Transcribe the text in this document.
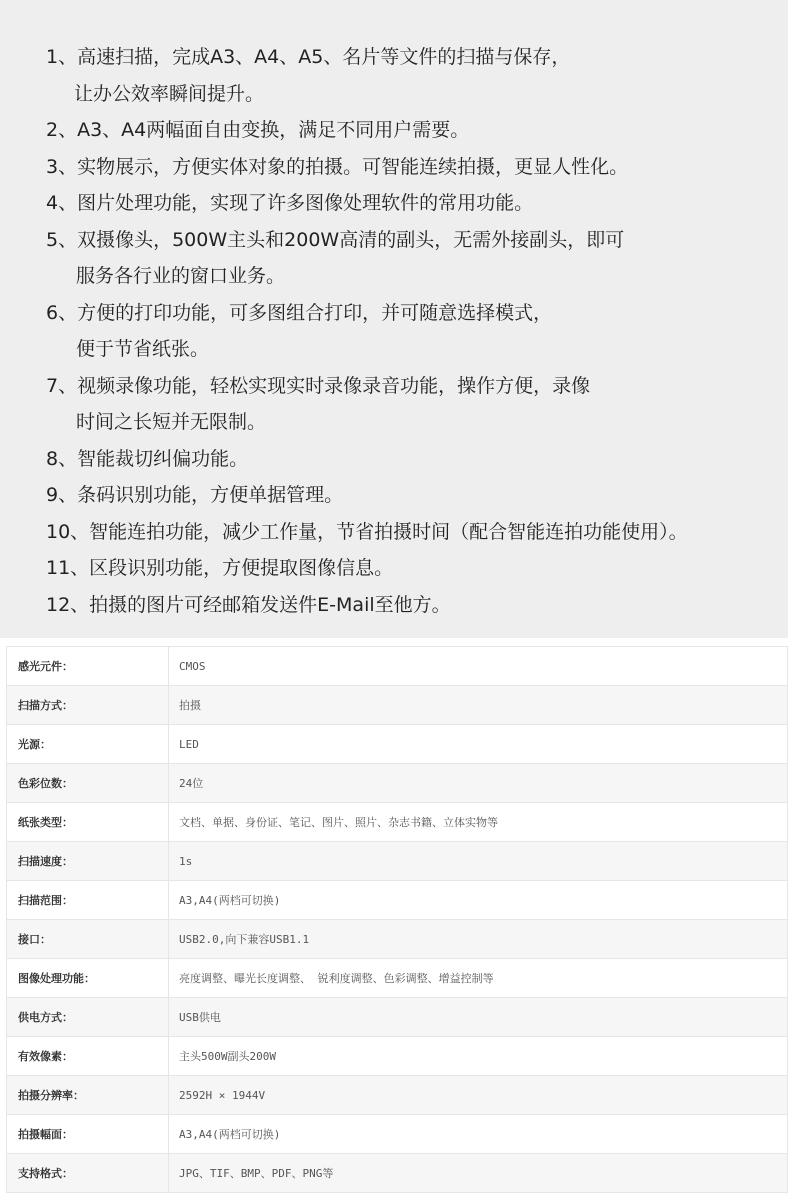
1、高速扫描，完成A3、A4、A5、名片等文件的扫描与保存，
让办公效率瞬间提升。
2、A3、A4两幅面自由变换，满足不同用户需要。
3、实物展示，方便实体对象的拍摄。可智能连续拍摄，更显人性化。
4、图片处理功能，实现了许多图像处理软件的常用功能。
5、双摄像头，500W主头和200W高清的副头，无需外接副头，即可
服务各行业的窗口业务。
6、方便的打印功能，可多图组合打印，并可随意选择模式，
便于节省纸张。
7、视频录像功能，轻松实现实时录像录音功能，操作方便，录像
时间之长短并无限制。
8、智能裁切纠偏功能。
9、条码识别功能，方便单据管理。
10、智能连拍功能，减少工作量，节省拍摄时间（配合智能连拍功能使用）。
11、区段识别功能，方便提取图像信息。
12、拍摄的图片可经邮箱发送件E-Mail至他方。
感光元件：	CMOS
扫描方式：	拍摄
光源：	LED
色彩位数：	24位
纸张类型：	文档、单据、身份证、笔记、图片、照片、杂志书籍、立体实物等
扫描速度：	1s
扫描范围：	A3,A4(两档可切换)
接口：	USB2.0,向下兼容USB1.1
图像处理功能：	亮度调整、曝光长度调整、 锐利度调整、色彩调整、增益控制等
供电方式：	USB供电
有效像素：	主头500W副头200W
拍摄分辨率：	2592H × 1944V
拍摄幅面：	A3,A4(两档可切换)
支持格式：	JPG、TIF、BMP、PDF、PNG等
